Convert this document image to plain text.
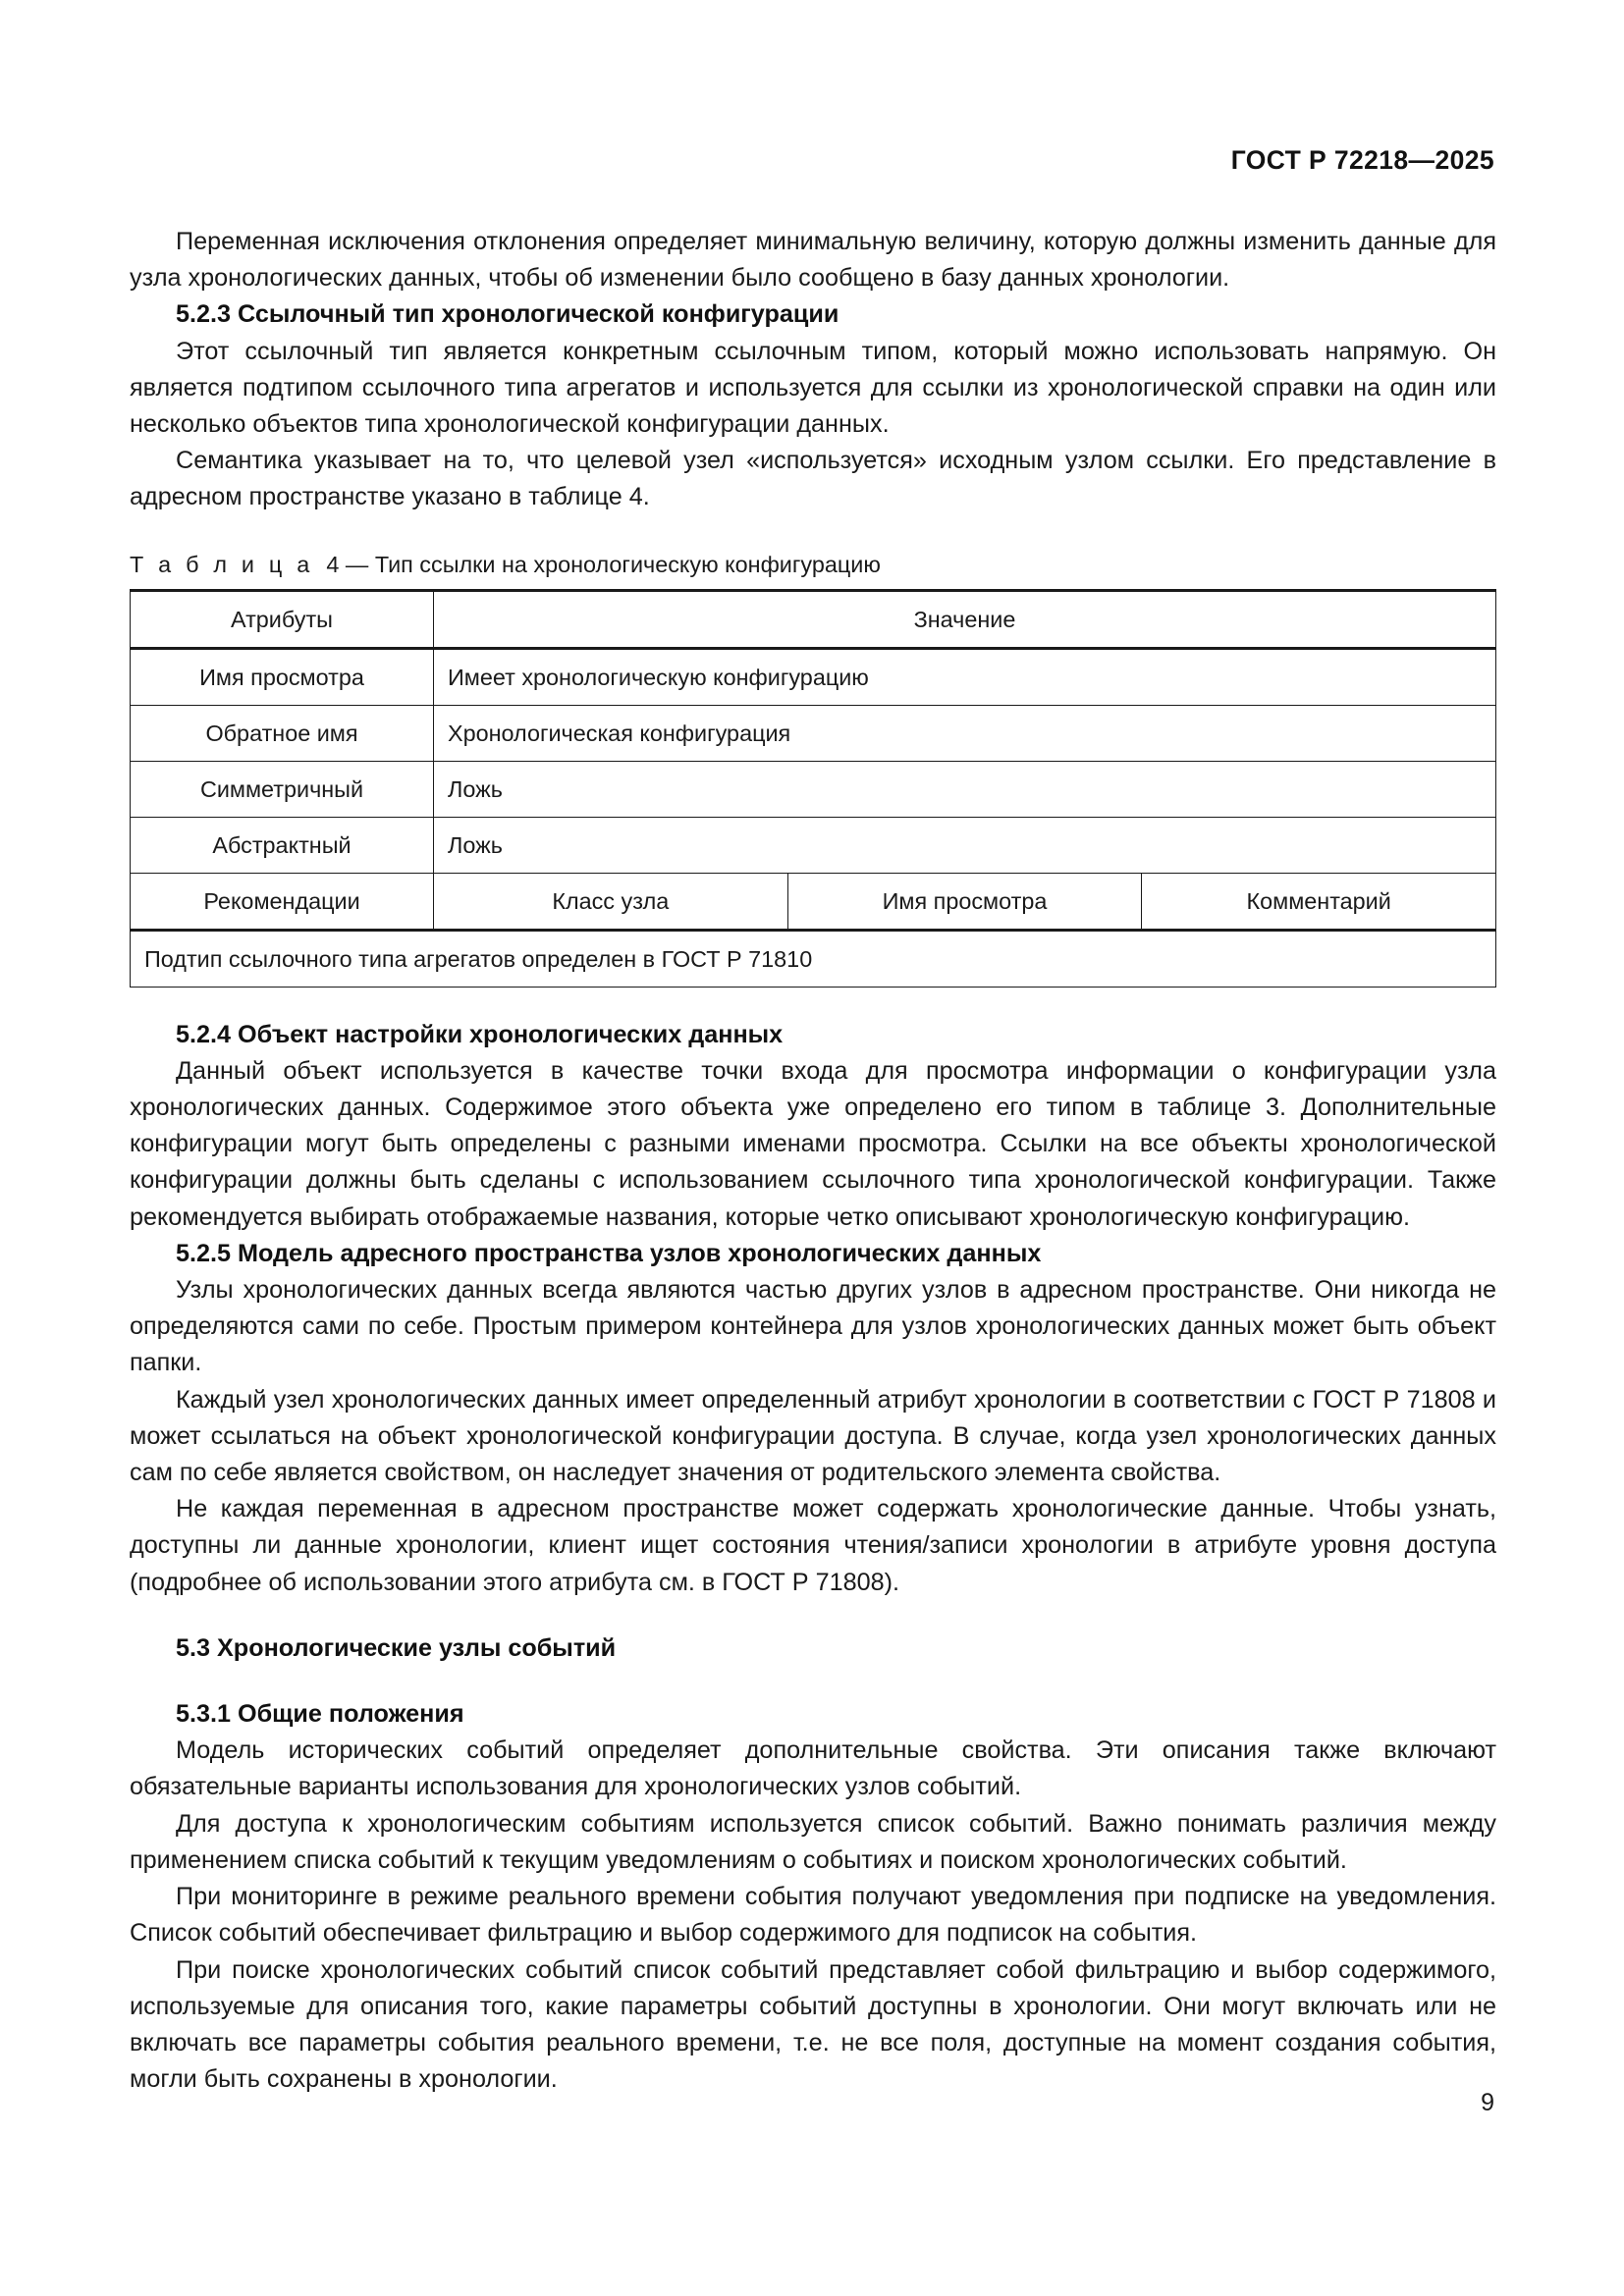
ГОСТ Р 72218—2025

Переменная исключения отклонения определяет минимальную величину, которую должны изменить данные для узла хронологических данных, чтобы об изменении было сообщено в базу данных хронологии.

5.2.3 Ссылочный тип хронологической конфигурации

Этот ссылочный тип является конкретным ссылочным типом, который можно использовать напрямую. Он является подтипом ссылочного типа агрегатов и используется для ссылки из хронологической справки на один или несколько объектов типа хронологической конфигурации данных.

Семантика указывает на то, что целевой узел «используется» исходным узлом ссылки. Его представление в адресном пространстве указано в таблице 4.

Т а б л и ц а 4 — Тип ссылки на хронологическую конфигурацию
Атрибуты	Значение		
Имя просмотра	Имеет хронологическую конфигурацию		
Обратное имя	Хронологическая конфигурация		
Симметричный	Ложь		
Абстрактный	Ложь		
Рекомендации	Класс узла	Имя просмотра	Комментарий
Подтип ссылочного типа агрегатов определен в ГОСТ Р 71810			
5.2.4 Объект настройки хронологических данных

Данный объект используется в качестве точки входа для просмотра информации о конфигурации узла хронологических данных. Содержимое этого объекта уже определено его типом в таблице 3. Дополнительные конфигурации могут быть определены с разными именами просмотра. Ссылки на все объекты хронологической конфигурации должны быть сделаны с использованием ссылочного типа хронологической конфигурации. Также рекомендуется выбирать отображаемые названия, которые четко описывают хронологическую конфигурацию.

5.2.5 Модель адресного пространства узлов хронологических данных

Узлы хронологических данных всегда являются частью других узлов в адресном пространстве. Они никогда не определяются сами по себе. Простым примером контейнера для узлов хронологических данных может быть объект папки.

Каждый узел хронологических данных имеет определенный атрибут хронологии в соответствии с ГОСТ Р 71808 и может ссылаться на объект хронологической конфигурации доступа. В случае, когда узел хронологических данных сам по себе является свойством, он наследует значения от родительского элемента свойства.

Не каждая переменная в адресном пространстве может содержать хронологические данные. Чтобы узнать, доступны ли данные хронологии, клиент ищет состояния чтения/записи хронологии в атрибуте уровня доступа (подробнее об использовании этого атрибута см. в ГОСТ Р 71808).

5.3 Хронологические узлы событий
5.3.1 Общие положения

Модель исторических событий определяет дополнительные свойства. Эти описания также включают обязательные варианты использования для хронологических узлов событий.

Для доступа к хронологическим событиям используется список событий. Важно понимать различия между применением списка событий к текущим уведомлениям о событиях и поиском хронологических событий.

При мониторинге в режиме реального времени события получают уведомления при подписке на уведомления. Список событий обеспечивает фильтрацию и выбор содержимого для подписок на события.

При поиске хронологических событий список событий представляет собой фильтрацию и выбор содержимого, используемые для описания того, какие параметры событий доступны в хронологии. Они могут включать или не включать все параметры события реального времени, т.е. не все поля, доступные на момент создания события, могли быть сохранены в хронологии.

9
